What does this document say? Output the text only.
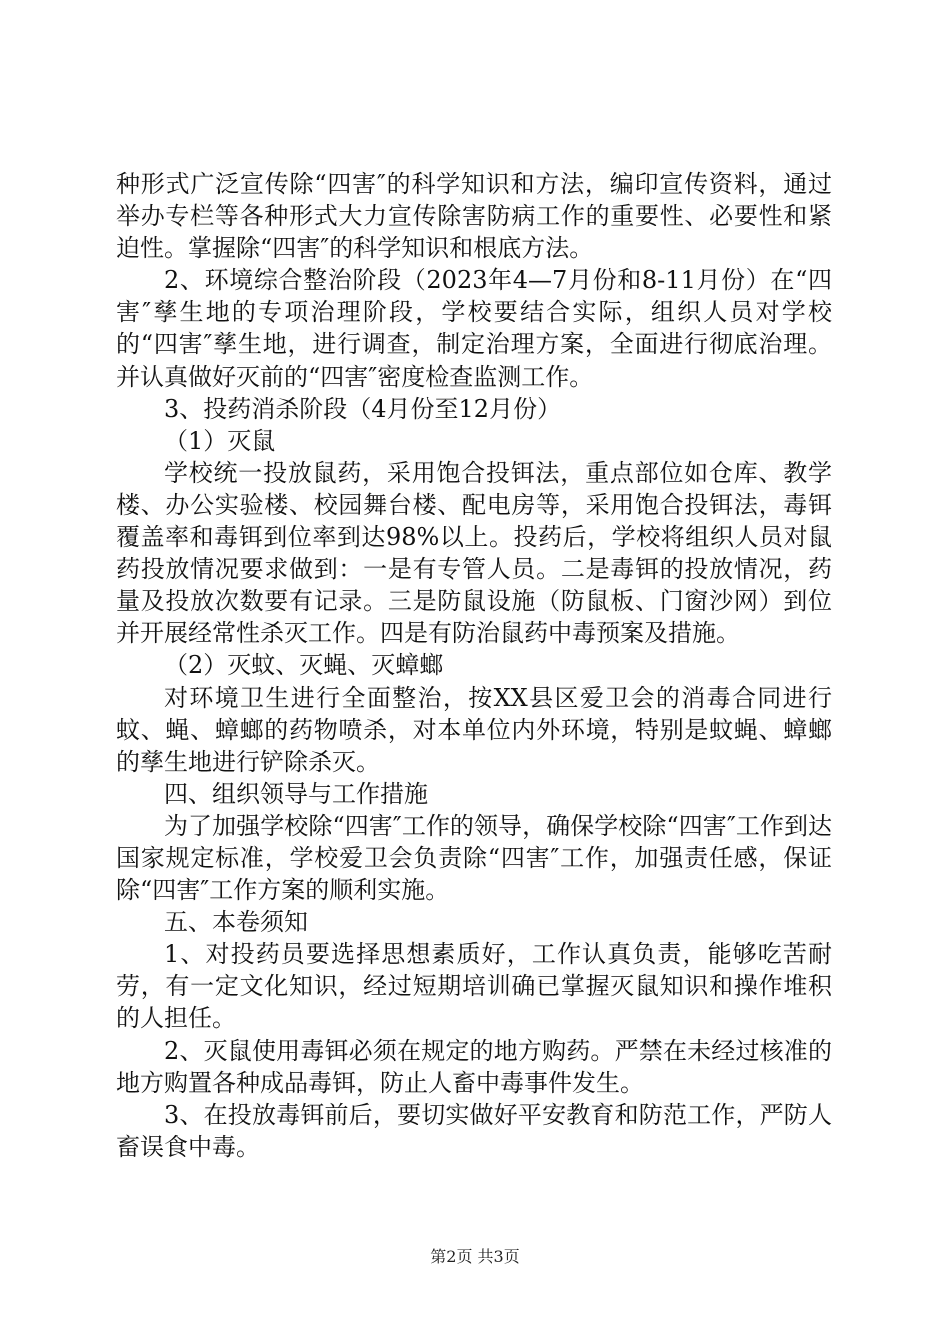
种形式广泛宣传除“四害″的科学知识和方法，编印宣传资料，通过举办专栏等各种形式大力宣传除害防病工作的重要性、必要性和紧迫性。掌握除“四害″的科学知识和根底方法。

2、环境综合整治阶段（2023年4—7月份和8-11月份）在“四害″孳生地的专项治理阶段，学校要结合实际，组织人员对学校的“四害″孳生地，进行调查，制定治理方案，全面进行彻底治理。并认真做好灭前的“四害″密度检查监测工作。

3、投药消杀阶段（4月份至12月份）

（1）灭鼠

学校统一投放鼠药，采用饱合投铒法，重点部位如仓库、教学楼、办公实验楼、校园舞台楼、配电房等，采用饱合投铒法，毒铒覆盖率和毒铒到位率到达98%以上。投药后，学校将组织人员对鼠药投放情况要求做到：一是有专管人员。二是毒铒的投放情况，药量及投放次数要有记录。三是防鼠设施（防鼠板、门窗沙网）到位并开展经常性杀灭工作。四是有防治鼠药中毒预案及措施。

（2）灭蚊、灭蝇、灭蟑螂

对环境卫生进行全面整治，按XX县区爱卫会的消毒合同进行蚊、蝇、蟑螂的药物喷杀，对本单位内外环境，特别是蚊蝇、蟑螂的孳生地进行铲除杀灭。

四、组织领导与工作措施

为了加强学校除“四害″工作的领导，确保学校除“四害″工作到达国家规定标准，学校爱卫会负责除“四害″工作，加强责任感，保证除“四害″工作方案的顺利实施。

五、本卷须知

1、对投药员要选择思想素质好，工作认真负责，能够吃苦耐劳，有一定文化知识，经过短期培训确已掌握灭鼠知识和操作堆积的人担任。

2、灭鼠使用毒铒必须在规定的地方购药。严禁在未经过核准的地方购置各种成品毒铒，防止人畜中毒事件发生。

3、在投放毒铒前后，要切实做好平安教育和防范工作，严防人畜误食中毒。

第2页 共3页
